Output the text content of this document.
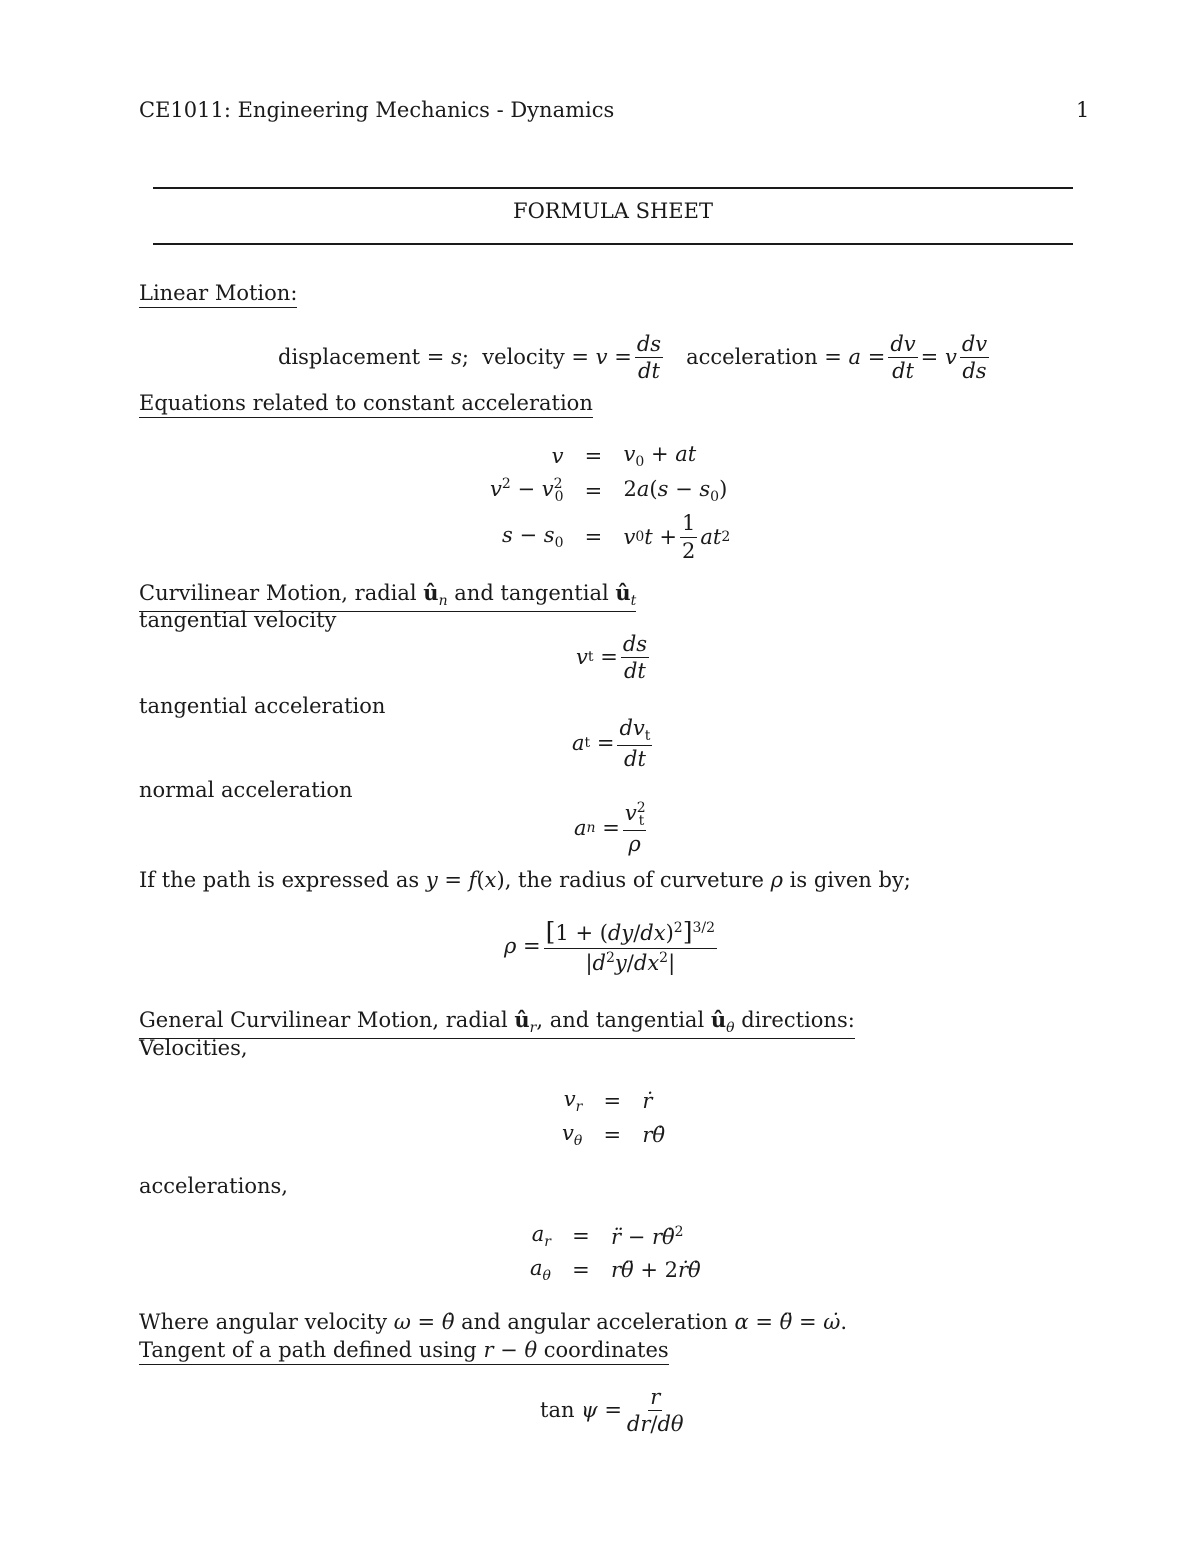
CE1011: Engineering Mechanics - Dynamics	1
FORMULA SHEET
Linear Motion:
displacement = s ; velocity = $v = \frac{ds}{dt}$
acceleration = $a = \frac{dv}{dt} = v \frac{dv}{ds}$
Equations related to constant acceleration
v	=	$v_0$ + at
$v^2 - v^2_0$	=	$2a(s - s_0)$
$s - s_0$	=	v 0 $t + \frac{1}{2}$ at 2
Curvilinear Motion, radial $û_n$ and tangential $û_t$
tangential velocity
v t
= $\frac{ds}{dt}$
tangential acceleration
a t
= $\frac{dv_t}{dt}$
normal acceleration
a n
= $\frac{v^2_t}{\rho}$
If the path is expressed as y = f(x), the radius of curveture ρ is given by;
$\rho = \frac{[1 + (dy/dx)^2]^{3/2}}{|d^2y/dx^2|}$
General Curvilinear Motion, radial $û_r$, and tangential $û_\theta$ directions:
Velocities,
$v_r$	=	ṙ
$v_\theta$	=	rθ̇
accelerations,
$a_r$	=	r̈ − rθ̇$^2$
$a_\theta$	=	rθ̈ + 2ṙθ̇
Where angular velocity ω = θ̇ and angular acceleration α = θ̈ = ω̇.
Tangent of a path defined using r − θ coordinates
tan
$\psi = \frac{r}{dr/d\theta}$
